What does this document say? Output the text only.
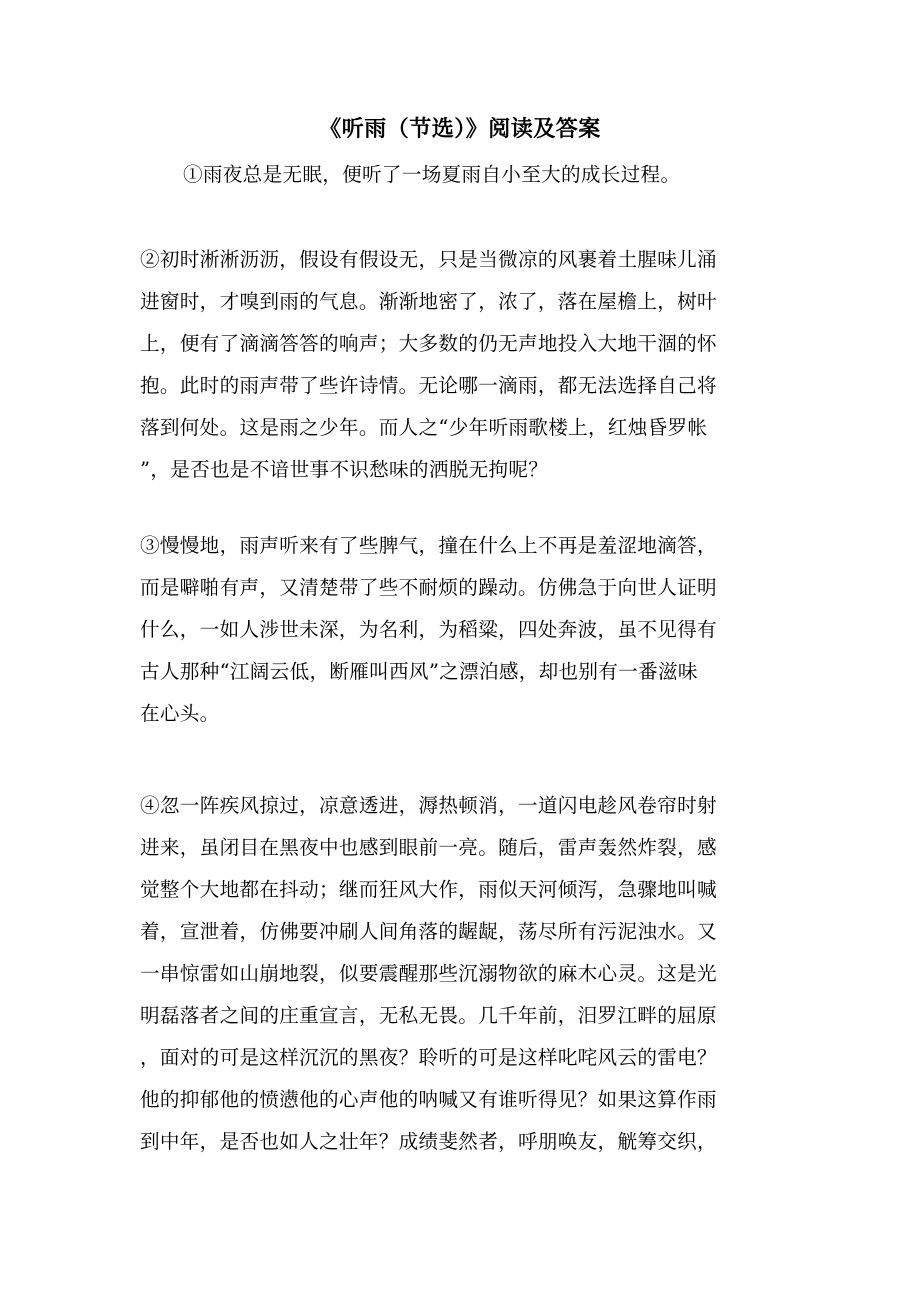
《听雨（节选）》阅读及答案
①雨夜总是无眠，便听了一场夏雨自小至大的成长过程。
②初时淅淅沥沥，假设有假设无，只是当微凉的风裹着土腥味儿涌
进窗时，才嗅到雨的气息。渐渐地密了，浓了，落在屋檐上，树叶
上，便有了滴滴答答的响声；大多数的仍无声地投入大地干涸的怀
抱。此时的雨声带了些许诗情。无论哪一滴雨，都无法选择自己将
落到何处。这是雨之少年。而人之“少年听雨歌楼上，红烛昏罗帐
”，是否也是不谙世事不识愁味的洒脱无拘呢？
③慢慢地，雨声听来有了些脾气，撞在什么上不再是羞涩地滴答，
而是噼啪有声，又清楚带了些不耐烦的躁动。仿佛急于向世人证明
什么，一如人涉世未深，为名利，为稻粱，四处奔波，虽不见得有
古人那种“江阔云低，断雁叫西风”之漂泊感，却也别有一番滋味
在心头。
④忽一阵疾风掠过，凉意透进，溽热顿消，一道闪电趁风卷帘时射
进来，虽闭目在黑夜中也感到眼前一亮。随后，雷声轰然炸裂，感
觉整个大地都在抖动；继而狂风大作，雨似天河倾泻，急骤地叫喊
着，宣泄着，仿佛要冲刷人间角落的龌龊，荡尽所有污泥浊水。又
一串惊雷如山崩地裂，似要震醒那些沉溺物欲的麻木心灵。这是光
明磊落者之间的庄重宣言，无私无畏。几千年前，汨罗江畔的屈原
，面对的可是这样沉沉的黑夜？聆听的可是这样叱咤风云的雷电？
他的抑郁他的愤懑他的心声他的呐喊又有谁听得见？如果这算作雨
到中年，是否也如人之壮年？成绩斐然者，呼朋唤友，觥筹交织，
